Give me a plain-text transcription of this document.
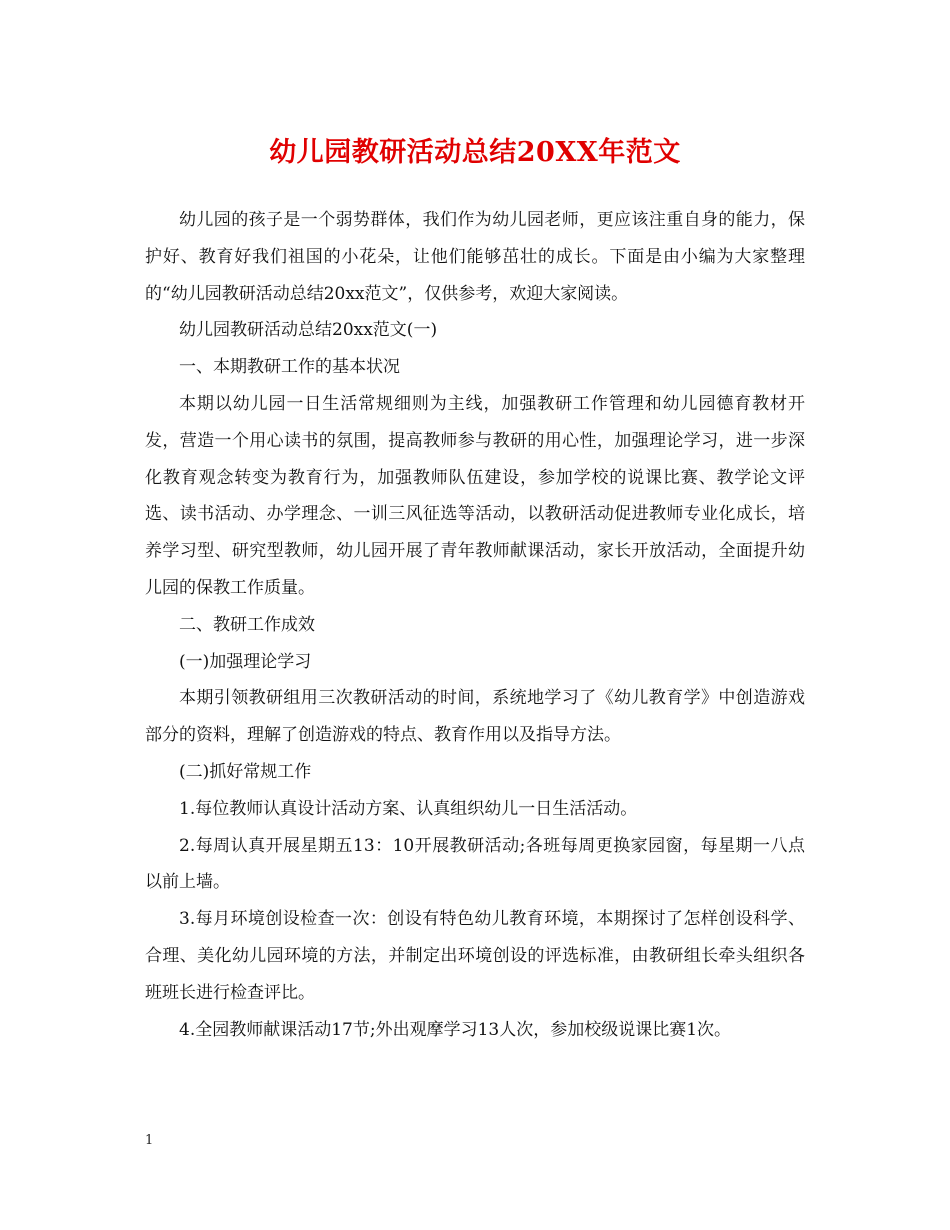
幼儿园教研活动总结20XX年范文

幼儿园的孩子是一个弱势群体，我们作为幼儿园老师，更应该注重自身的能力，保护好、教育好我们祖国的小花朵，让他们能够茁壮的成长。下面是由小编为大家整理的“幼儿园教研活动总结20xx范文”，仅供参考，欢迎大家阅读。

幼儿园教研活动总结20xx范文(一)

一、本期教研工作的基本状况

本期以幼儿园一日生活常规细则为主线，加强教研工作管理和幼儿园德育教材开发，营造一个用心读书的氛围，提高教师参与教研的用心性，加强理论学习，进一步深化教育观念转变为教育行为，加强教师队伍建设，参加学校的说课比赛、教学论文评选、读书活动、办学理念、一训三风征选等活动，以教研活动促进教师专业化成长，培养学习型、研究型教师，幼儿园开展了青年教师献课活动，家长开放活动，全面提升幼儿园的保教工作质量。

二、教研工作成效

(一)加强理论学习

本期引领教研组用三次教研活动的时间，系统地学习了《幼儿教育学》中创造游戏部分的资料，理解了创造游戏的特点、教育作用以及指导方法。

(二)抓好常规工作

1.每位教师认真设计活动方案、认真组织幼儿一日生活活动。

2.每周认真开展星期五13：10开展教研活动;各班每周更换家园窗，每星期一八点以前上墙。

3.每月环境创设检查一次：创设有特色幼儿教育环境，本期探讨了怎样创设科学、合理、美化幼儿园环境的方法，并制定出环境创设的评选标准，由教研组长牵头组织各班班长进行检查评比。

4.全园教师献课活动17节;外出观摩学习13人次，参加校级说课比赛1次。

1
